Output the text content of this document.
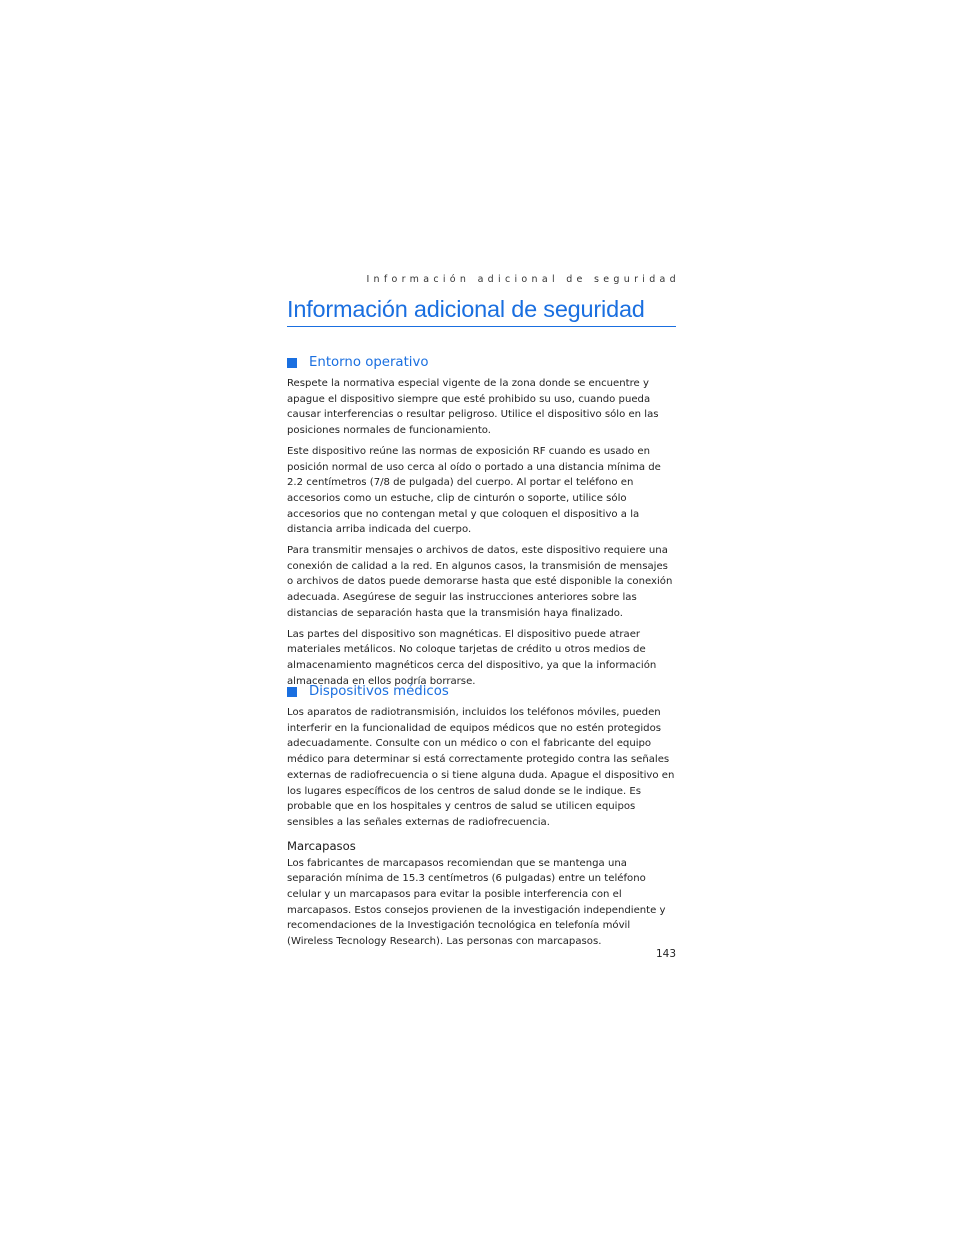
Información adicional de seguridad
Información adicional de seguridad
Entorno operativo

Respete la normativa especial vigente de la zona donde se encuentre y apague el dispositivo siempre que esté prohibido su uso, cuando pueda causar interferencias o resultar peligroso. Utilice el dispositivo sólo en las posiciones normales de funcionamiento.

Este dispositivo reúne las normas de exposición RF cuando es usado en posición normal de uso cerca al oído o portado a una distancia mínima de 2.2 centímetros (7/8 de pulgada) del cuerpo. Al portar el teléfono en accesorios como un estuche, clip de cinturón o soporte, utilice sólo accesorios que no contengan metal y que coloquen el dispositivo a la distancia arriba indicada del cuerpo.

Para transmitir mensajes o archivos de datos, este dispositivo requiere una conexión de calidad a la red. En algunos casos, la transmisión de mensajes o archivos de datos puede demorarse hasta que esté disponible la conexión adecuada. Asegúrese de seguir las instrucciones anteriores sobre las distancias de separación hasta que la transmisión haya finalizado.

Las partes del dispositivo son magnéticas. El dispositivo puede atraer materiales metálicos. No coloque tarjetas de crédito u otros medios de almacenamiento magnéticos cerca del dispositivo, ya que la información almacenada en ellos podría borrarse.

Dispositivos médicos

Los aparatos de radiotransmisión, incluidos los teléfonos móviles, pueden interferir en la funcionalidad de equipos médicos que no estén protegidos adecuadamente. Consulte con un médico o con el fabricante del equipo médico para determinar si está correctamente protegido contra las señales externas de radiofrecuencia o si tiene alguna duda. Apague el dispositivo en los lugares específicos de los centros de salud donde se le indique. Es probable que en los hospitales y centros de salud se utilicen equipos sensibles a las señales externas de radiofrecuencia.

Marcapasos

Los fabricantes de marcapasos recomiendan que se mantenga una separación mínima de 15.3 centímetros (6 pulgadas) entre un teléfono celular y un marcapasos para evitar la posible interferencia con el marcapasos. Estos consejos provienen de la investigación independiente y recomendaciones de la Investigación tecnológica en telefonía móvil (Wireless Tecnology Research). Las personas con marcapasos.

143
